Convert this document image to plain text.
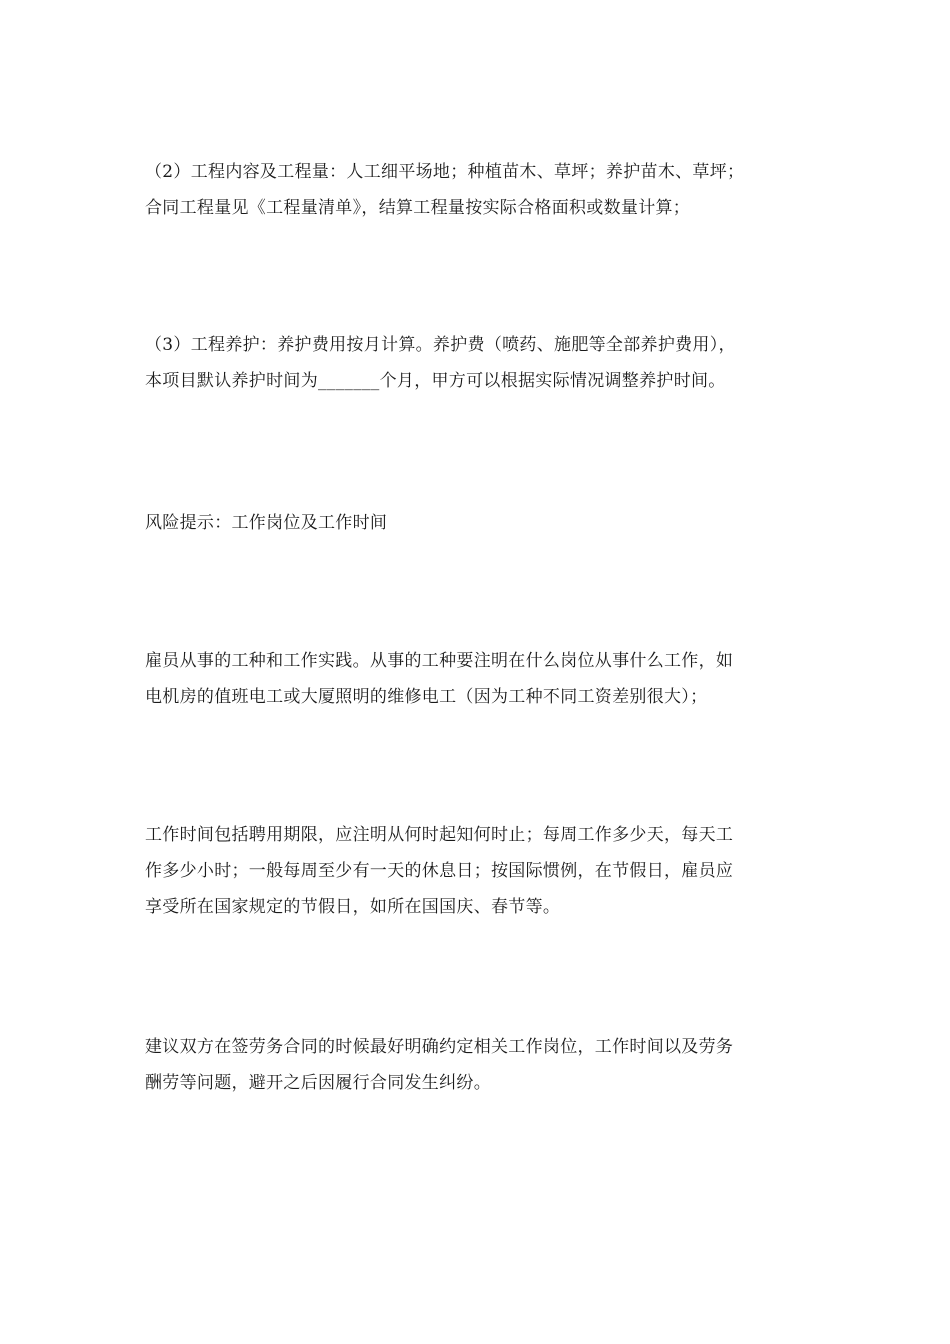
（2）工程内容及工程量：人工细平场地；种植苗木、草坪；养护苗木、草坪；
合同工程量见《工程量清单》，结算工程量按实际合格面积或数量计算；

（3）工程养护：养护费用按月计算。养护费（喷药、施肥等全部养护费用），
本项目默认养护时间为_______个月，甲方可以根据实际情况调整养护时间。

风险提示：工作岗位及工作时间

雇员从事的工种和工作实践。从事的工种要注明在什么岗位从事什么工作，如
电机房的值班电工或大厦照明的维修电工（因为工种不同工资差别很大）；

工作时间包括聘用期限，应注明从何时起知何时止；每周工作多少天，每天工
作多少小时；一般每周至少有一天的休息日；按国际惯例，在节假日，雇员应
享受所在国家规定的节假日，如所在国国庆、春节等。

建议双方在签劳务合同的时候最好明确约定相关工作岗位，工作时间以及劳务
酬劳等问题，避开之后因履行合同发生纠纷。
